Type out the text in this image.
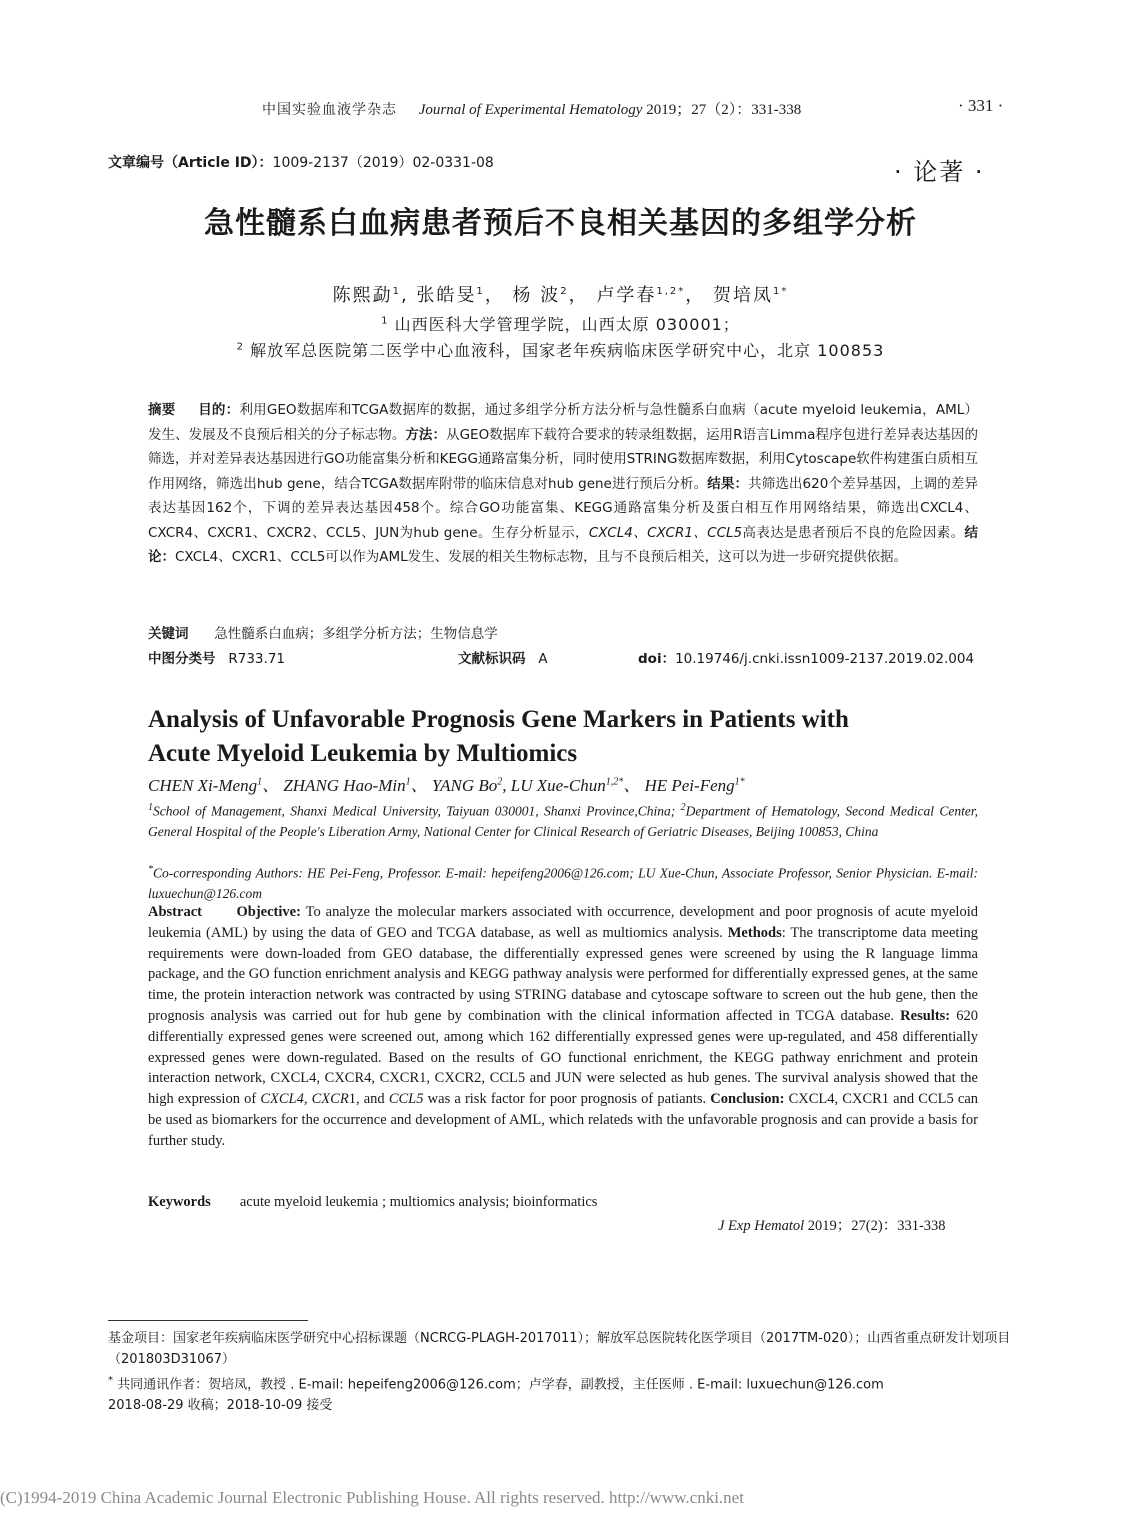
中国实验血液学杂志 Journal of Experimental Hematology 2019；27（2）：331-338	· 331 ·
文章编号（Article ID）：1009-2137（2019）02-0331-08	· 论著 ·
急性髓系白血病患者预后不良相关基因的多组学分析
陈熙勐$^1$, 张皓旻$^1$， 杨 波$^2$， 卢学春$^{1,2*}$， 贺培凤$^{1*}$
$^1$ 山西医科大学管理学院，山西太原 030001；
$^2$ 解放军总医院第二医学中心血液科，国家老年疾病临床医学研究中心，北京 100853
摘要 目的：利用GEO数据库和TCGA数据库的数据，通过多组学分析方法分析与急性髓系白血病（acute myeloid leukemia，AML）发生、发展及不良预后相关的分子标志物。方法：从GEO数据库下载符合要求的转录组数据，运用R语言Limma程序包进行差异表达基因的筛选，并对差异表达基因进行GO功能富集分析和KEGG通路富集分析，同时使用STRING数据库数据，利用Cytoscape软件构建蛋白质相互作用网络，筛选出hub gene，结合TCGA数据库附带的临床信息对hub gene进行预后分析。结果：共筛选出620个差异基因，上调的差异表达基因162个，下调的差异表达基因458个。综合GO功能富集、KEGG通路富集分析及蛋白相互作用网络结果，筛选出CXCL4、CXCR4、CXCR1、CXCR2、CCL5、JUN为hub gene。生存分析显示，CXCL4、CXCR1、CCL5高表达是患者预后不良的危险因素。结论：CXCL4、CXCR1、CCL5可以作为AML发生、发展的相关生物标志物，且与不良预后相关，这可以为进一步研究提供依据。
关键词 急性髓系白血病；多组学分析方法；生物信息学
中图分类号 R733.71	文献标识码 A	doi：10.19746/j.cnki.issn1009-2137.2019.02.004
Analysis of Unfavorable Prognosis Gene Markers in Patients with
Acute Myeloid Leukemia by Multiomics
CHEN Xi-Meng$^1$、 ZHANG Hao-Min$^1$、 YANG Bo$^2$, LU Xue-Chun$^{1,2*}$、 HE Pei-Feng$^{1*}$
$^1$School of Management, Shanxi Medical University, Taiyuan 030001, Shanxi Province,China; $^2$Department of Hematology, Second Medical Center, General Hospital of the People′s Liberation Army, National Center for Clinical Research of Geriatric Diseases, Beijing 100853, China
*Co-corresponding Authors: HE Pei-Feng, Professor. E-mail: hepeifeng2006@126.com; LU Xue-Chun, Associate Professor, Senior Physician. E-mail: luxuechun@126.com
Abstract Objective: To analyze the molecular markers associated with occurrence, development and poor prognosis of acute myeloid leukemia (AML) by using the data of GEO and TCGA database, as well as multiomics analysis. Methods: The transcriptome data meeting requirements were down-loaded from GEO database, the differentially expressed genes were screened by using the R language limma package, and the GO function enrichment analysis and KEGG pathway analysis were performed for differentially expressed genes, at the same time, the protein interaction network was contracted by using STRING database and cytoscape software to screen out the hub gene, then the prognosis analysis was carried out for hub gene by combination with the clinical information affected in TCGA database. Results: 620 differentially expressed genes were screened out, among which 162 differentially expressed genes were up-regulated, and 458 differentially expressed genes were down-regulated. Based on the results of GO functional enrichment, the KEGG pathway enrichment and protein interaction network, CXCL4, CXCR4, CXCR1, CXCR2, CCL5 and JUN were selected as hub genes. The survival analysis showed that the high expression of CXCL4, CXCR1, and CCL5 was a risk factor for poor prognosis of patiants. Conclusion: CXCL4, CXCR1 and CCL5 can be used as biomarkers for the occurrence and development of AML, which relateds with the unfavorable prognosis and can provide a basis for further study.
Keywords acute myeloid leukemia ; multiomics analysis; bioinformatics
J Exp Hematol 2019；27(2)：331-338
基金项目：国家老年疾病临床医学研究中心招标课题（NCRCG-PLAGH-2017011）；解放军总医院转化医学项目（2017TM-020）；山西省重点研发计划项目（201803D31067）
* 共同通讯作者：贺培凤，教授 . E-mail: hepeifeng2006@126.com；卢学春，副教授，主任医师 . E-mail: luxuechun@126.com
2018-08-29 收稿；2018-10-09 接受
(C)1994-2019 China Academic Journal Electronic Publishing House. All rights reserved. http://www.cnki.net
